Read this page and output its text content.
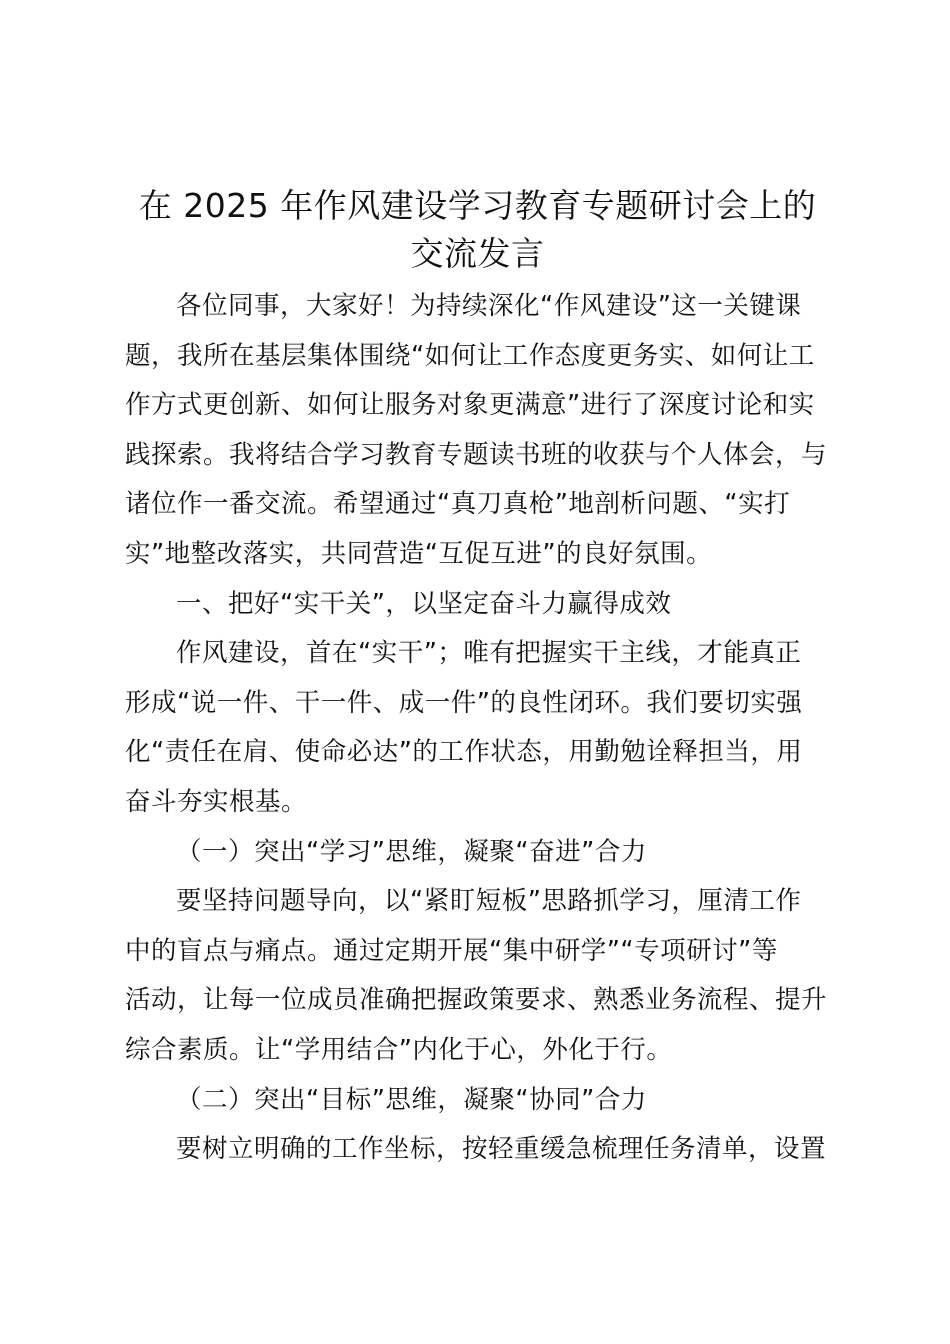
在 2025 年作风建设学习教育专题研讨会上的
交流发言
各位同事，大家好！为持续深化“作风建设”这一关键课
题，我所在基层集体围绕“如何让工作态度更务实、如何让工
作方式更创新、如何让服务对象更满意”进行了深度讨论和实
践探索。我将结合学习教育专题读书班的收获与个人体会，与
诸位作一番交流。希望通过“真刀真枪”地剖析问题、“实打
实”地整改落实，共同营造“互促互进”的良好氛围。
一、把好“实干关”，以坚定奋斗力赢得成效
作风建设，首在“实干”；唯有把握实干主线，才能真正
形成“说一件、干一件、成一件”的良性闭环。我们要切实强
化“责任在肩、使命必达”的工作状态，用勤勉诠释担当，用
奋斗夯实根基。
（一）突出“学习”思维，凝聚“奋进”合力
要坚持问题导向，以“紧盯短板”思路抓学习，厘清工作
中的盲点与痛点。通过定期开展“集中研学”“专项研讨”等
活动，让每一位成员准确把握政策要求、熟悉业务流程、提升
综合素质。让“学用结合”内化于心，外化于行。
（二）突出“目标”思维，凝聚“协同”合力
要树立明确的工作坐标，按轻重缓急梳理任务清单，设置
